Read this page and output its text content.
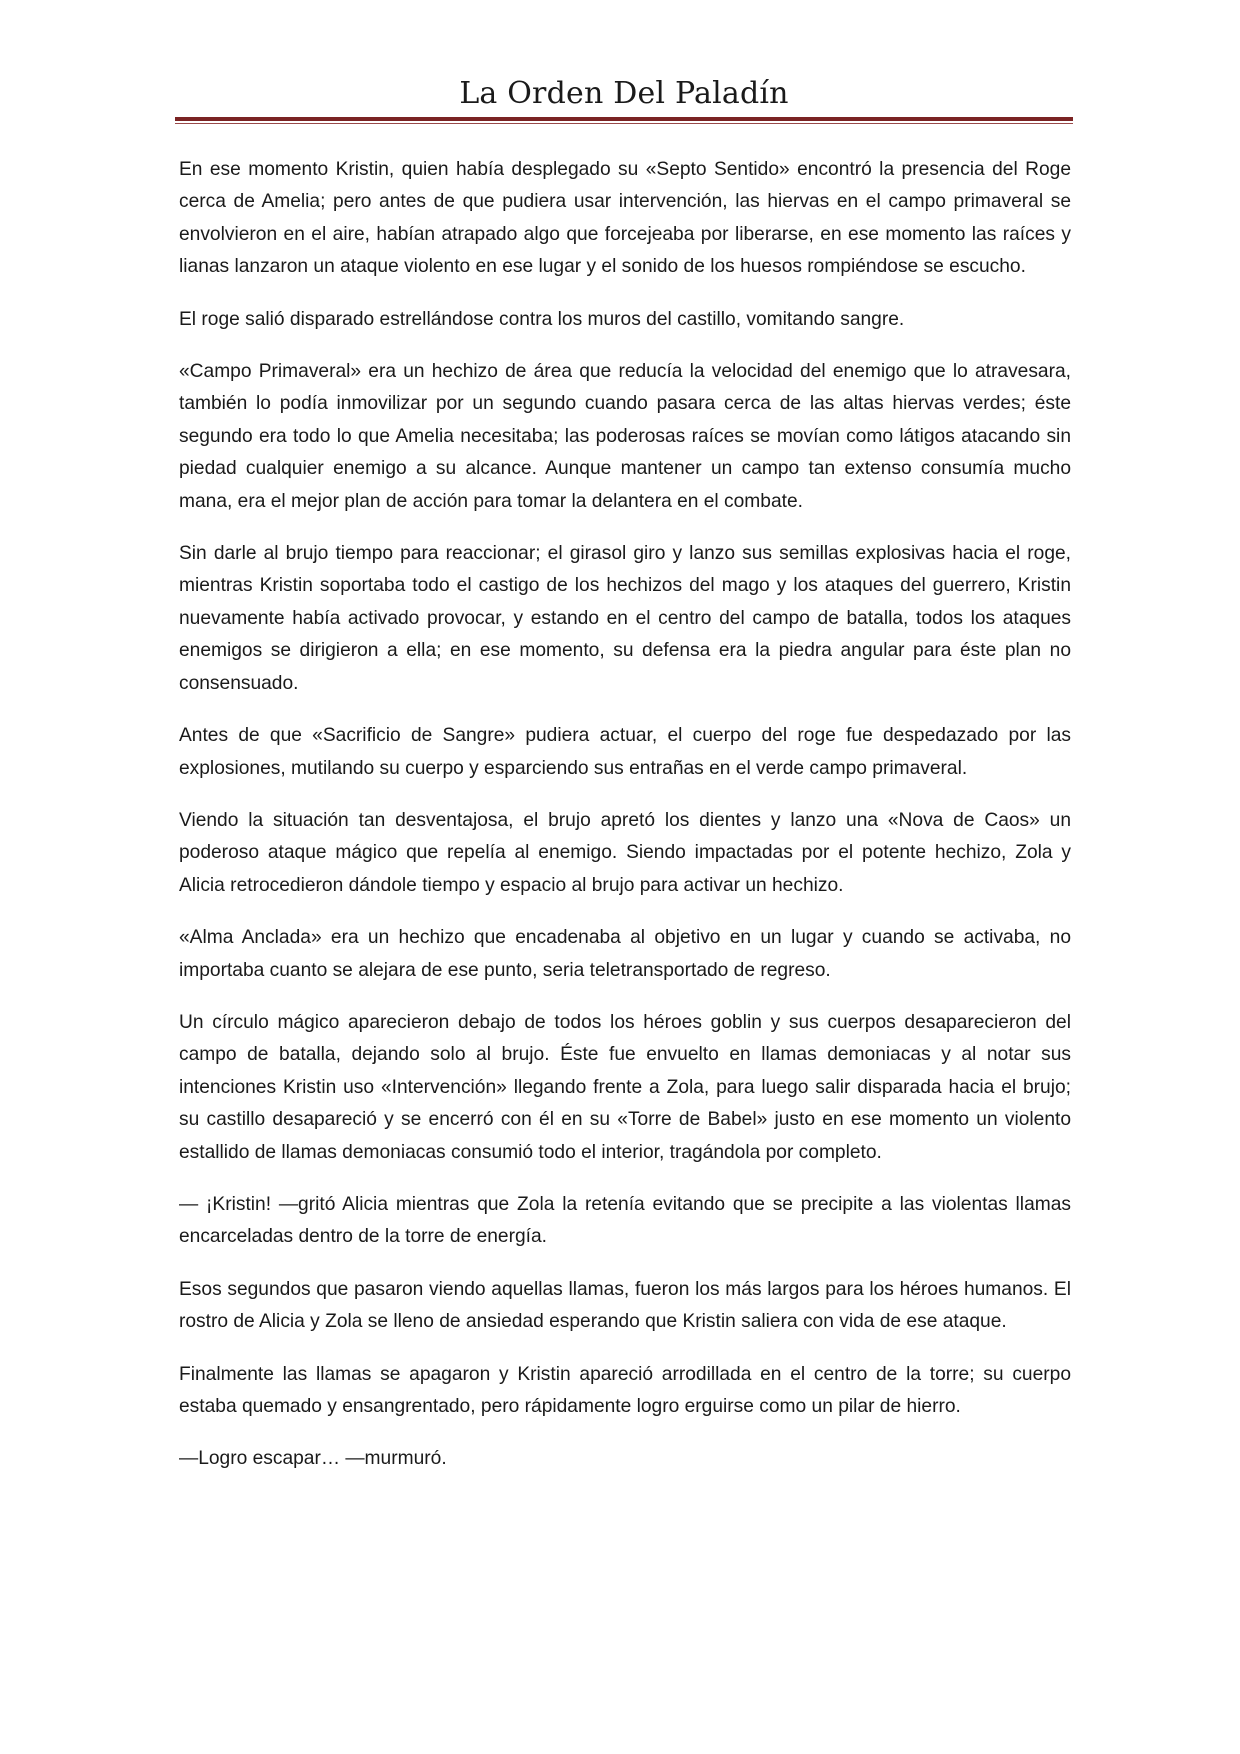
La Orden Del Paladín

En ese momento Kristin, quien había desplegado su «Septo Sentido» encontró la presencia del Roge cerca de Amelia; pero antes de que pudiera usar intervención, las hiervas en el campo primaveral se envolvieron en el aire, habían atrapado algo que forcejeaba por liberarse, en ese momento las raíces y lianas lanzaron un ataque violento en ese lugar y el sonido de los huesos rompiéndose se escucho.

El roge salió disparado estrellándose contra los muros del castillo, vomitando sangre.

«Campo Primaveral» era un hechizo de área que reducía la velocidad del enemigo que lo atravesara, también lo podía inmovilizar por un segundo cuando pasara cerca de las altas hiervas verdes; éste segundo era todo lo que Amelia necesitaba; las poderosas raíces se movían como látigos atacando sin piedad cualquier enemigo a su alcance. Aunque mantener un campo tan extenso consumía mucho mana, era el mejor plan de acción para tomar la delantera en el combate.

Sin darle al brujo tiempo para reaccionar; el girasol giro y lanzo sus semillas explosivas hacia el roge, mientras Kristin soportaba todo el castigo de los hechizos del mago y los ataques del guerrero, Kristin nuevamente había activado provocar, y estando en el centro del campo de batalla, todos los ataques enemigos se dirigieron a ella; en ese momento, su defensa era la piedra angular para éste plan no consensuado.

Antes de que «Sacrificio de Sangre» pudiera actuar, el cuerpo del roge fue despedazado por las explosiones, mutilando su cuerpo y esparciendo sus entrañas en el verde campo primaveral.

Viendo la situación tan desventajosa, el brujo apretó los dientes y lanzo una «Nova de Caos» un poderoso ataque mágico que repelía al enemigo. Siendo impactadas por el potente hechizo, Zola y Alicia retrocedieron dándole tiempo y espacio al brujo para activar un hechizo.

«Alma Anclada» era un hechizo que encadenaba al objetivo en un lugar y cuando se activaba, no importaba cuanto se alejara de ese punto, seria teletransportado de regreso.

Un círculo mágico aparecieron debajo de todos los héroes goblin y sus cuerpos desaparecieron del campo de batalla, dejando solo al brujo. Éste fue envuelto en llamas demoniacas y al notar sus intenciones Kristin uso «Intervención» llegando frente a Zola, para luego salir disparada hacia el brujo; su castillo desapareció y se encerró con él en su «Torre de Babel» justo en ese momento un violento estallido de llamas demoniacas consumió todo el interior, tragándola por completo.

— ¡Kristin! —gritó Alicia mientras que Zola la retenía evitando que se precipite a las violentas llamas encarceladas dentro de la torre de energía.

Esos segundos que pasaron viendo aquellas llamas, fueron los más largos para los héroes humanos. El rostro de Alicia y Zola se lleno de ansiedad esperando que Kristin saliera con vida de ese ataque.

Finalmente las llamas se apagaron y Kristin apareció arrodillada en el centro de la torre; su cuerpo estaba quemado y ensangrentado, pero rápidamente logro erguirse como un pilar de hierro.

—Logro escapar… —murmuró.
